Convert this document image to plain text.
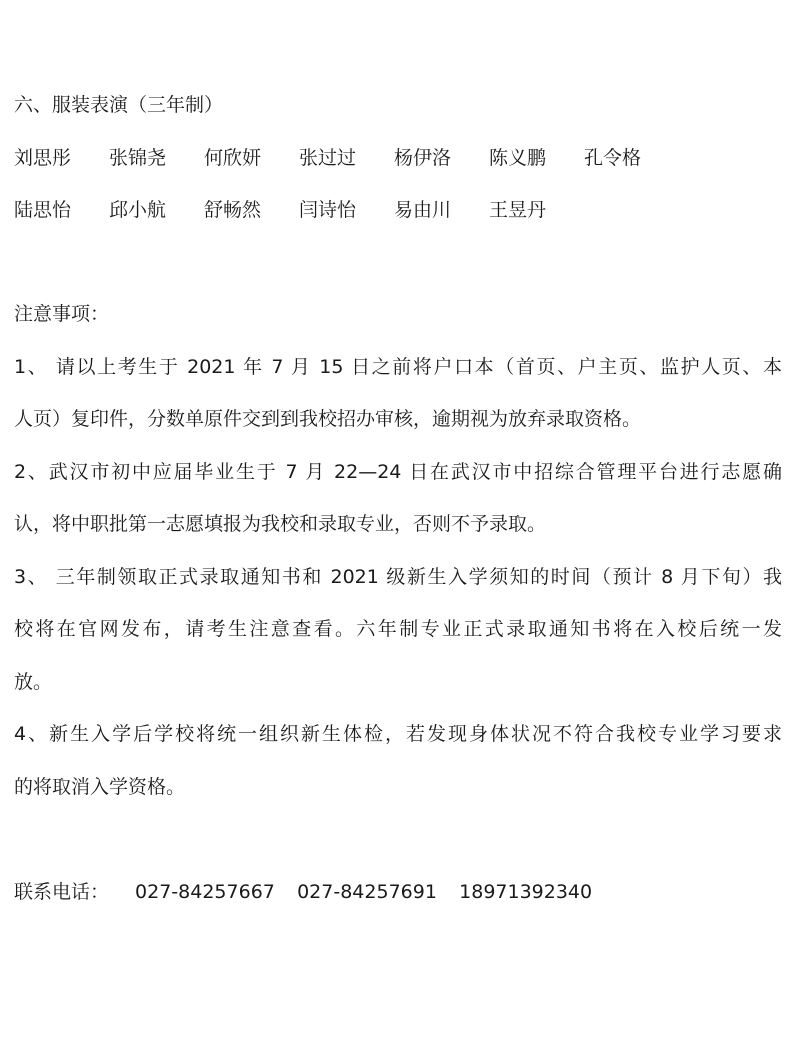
六、服装表演（三年制）
刘思彤	张锦尧	何欣妍	张过过	杨伊洛	陈义鹏	孔令格
陆思怡	邱小航	舒畅然	闫诗怡	易由川	王昱丹
注意事项：
1、 请以上考生于 2021 年 7 月 15 日之前将户口本（首页、户主页、监护人页、本
人页）复印件，分数单原件交到到我校招办审核，逾期视为放弃录取资格。
2、武汉市初中应届毕业生于 7 月 22—24 日在武汉市中招综合管理平台进行志愿确
认，将中职批第一志愿填报为我校和录取专业，否则不予录取。
3、 三年制领取正式录取通知书和 2021 级新生入学须知的时间（预计 8 月下旬）我
校将在官网发布，请考生注意查看。六年制专业正式录取通知书将在入校后统一发
放。
4、新生入学后学校将统一组织新生体检，若发现身体状况不符合我校专业学习要求
的将取消入学资格。
联系电话： 027-84257667 027-84257691 18971392340
